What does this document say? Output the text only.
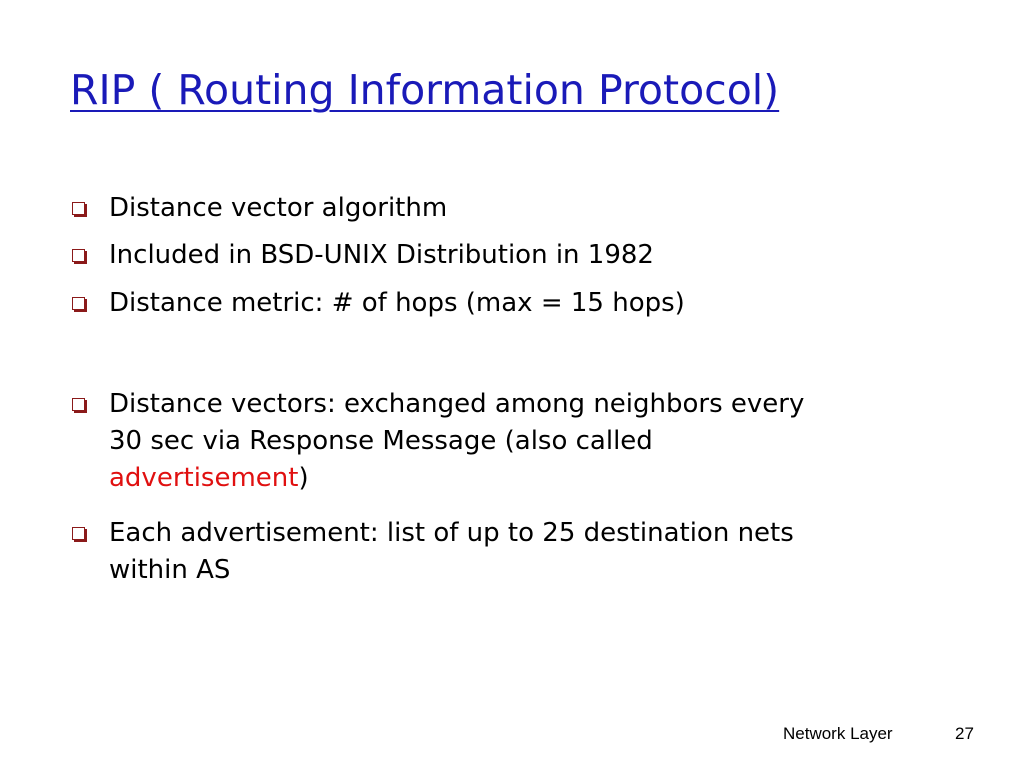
RIP ( Routing Information Protocol)
Distance vector algorithm
Included in BSD-UNIX Distribution in 1982
Distance metric: # of hops (max = 15 hops)
Distance vectors: exchanged among neighbors every
30 sec via Response Message (also called
advertisement)
Each advertisement: list of up to 25 destination nets
within AS
Network Layer	27
